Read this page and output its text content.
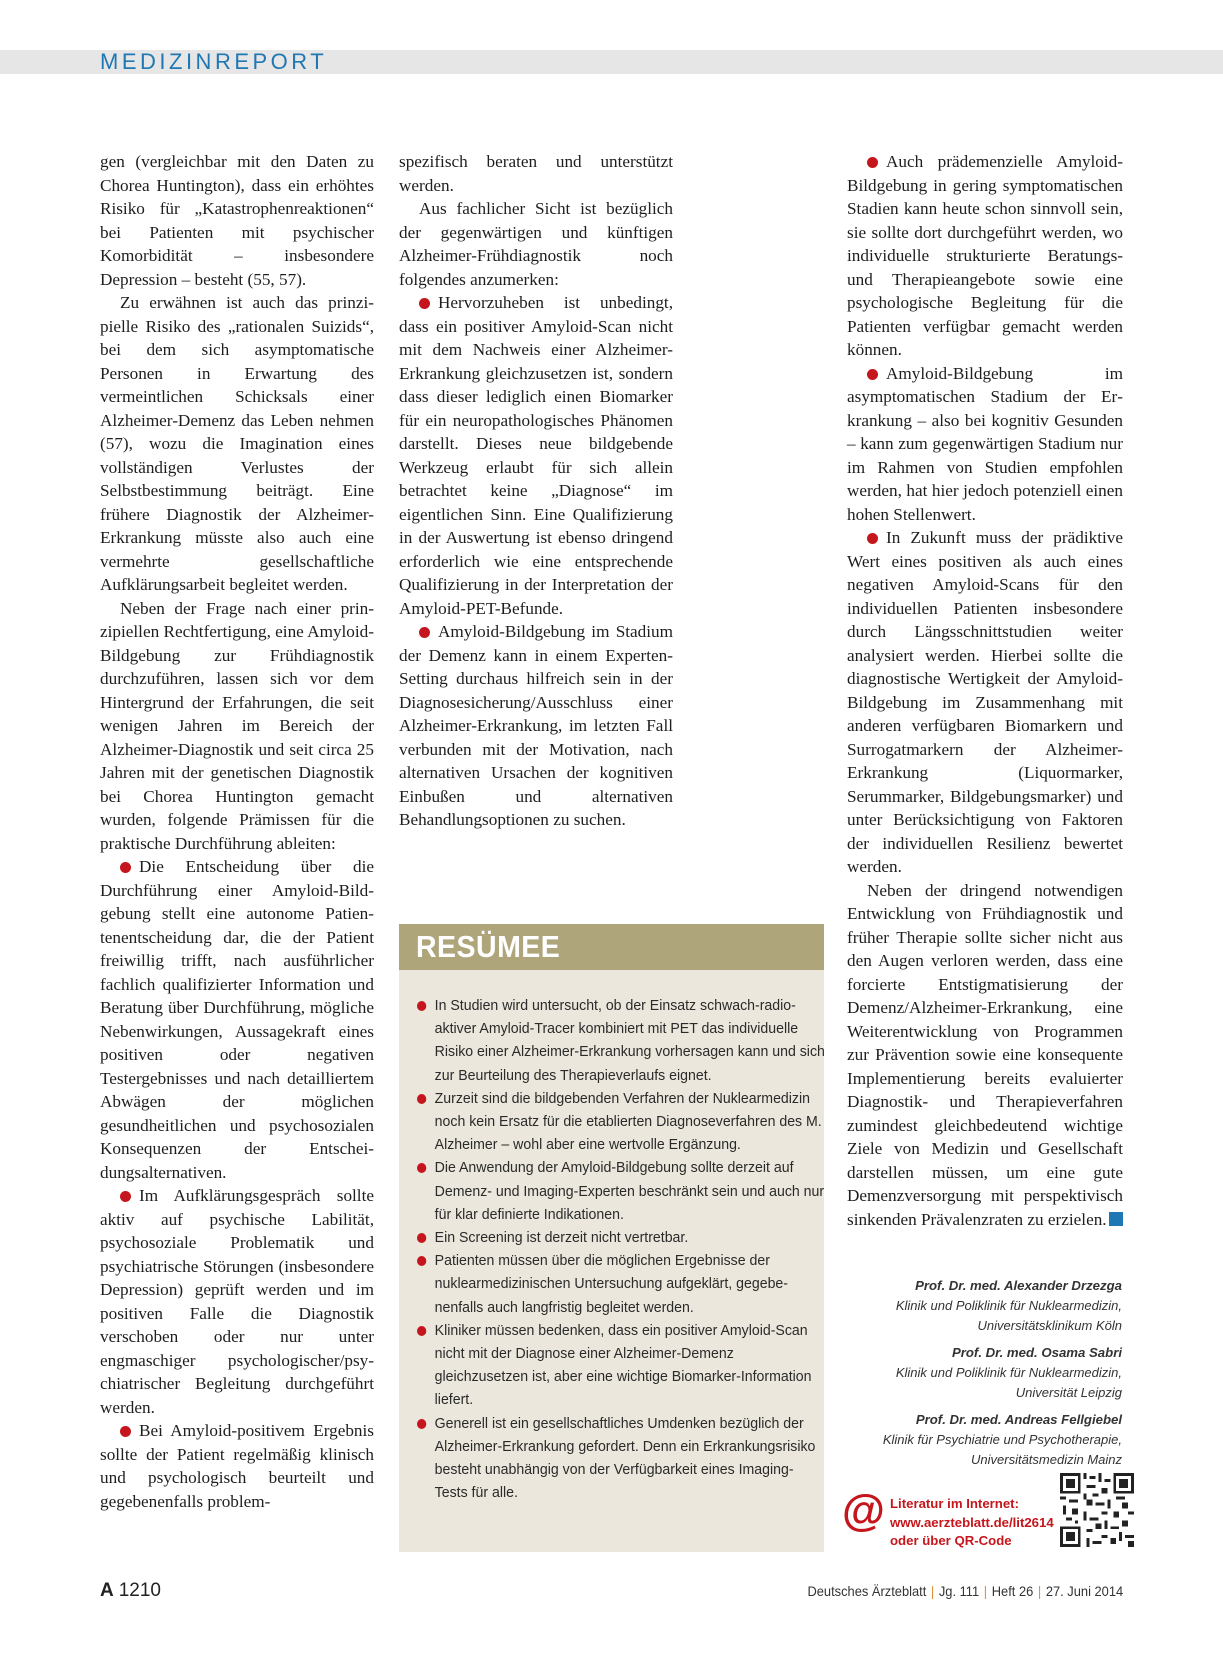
MEDIZINREPORT

gen (vergleichbar mit den Daten zu Chorea Huntington), dass ein erhöhtes Risiko für „Katastrophenreaktionen“ bei Patienten mit psychischer Komorbidität – insbesondere Depression – besteht (55, 57).

Zu erwähnen ist auch das prinzipielle Risiko des „rationalen Suizids“, bei dem sich asymptomatische Personen in Erwartung des vermeintlichen Schicksals einer Alzheimer-Demenz das Leben nehmen (57), wozu die Imagination eines vollständigen Verlustes der Selbstbestimmung beiträgt. Eine frühere Diagnostik der Alzheimer-Erkrankung müsste also auch eine vermehrte gesellschaftliche Aufklärungsarbeit begleitet werden.

Neben der Frage nach einer prinzipiellen Rechtfertigung, eine Amyloid-Bildgebung zur Frühdiagnostik durchzuführen, lassen sich vor dem Hintergrund der Erfahrungen, die seit wenigen Jahren im Bereich der Alzheimer-Diagnostik und seit circa 25 Jahren mit der genetischen Diagnostik bei Chorea Huntington gemacht wurden, folgende Prämissen für die praktische Durchführung ableiten:

Die Entscheidung über die Durchführung einer Amyloid-Bildgebung stellt eine autonome Patientenentscheidung dar, die der Patient freiwillig trifft, nach ausführlicher fachlich qualifizierter Information und Beratung über Durchführung, mögliche Nebenwirkungen, Aussagekraft eines positiven oder negativen Testergebnisses und nach detailliertem Abwägen der möglichen gesundheitlichen und psychosozialen Konsequenzen der Entscheidungsalternativen.

Im Aufklärungsgespräch sollte aktiv auf psychische Labilität, psychosoziale Problematik und psychiatrische Störungen (insbesondere Depression) geprüft werden und im positiven Falle die Diagnostik verschoben oder nur unter engmaschiger psychologischer/psychiatrischer Begleitung durchgeführt werden.

Bei Amyloid-positivem Ergebnis sollte der Patient regelmäßig klinisch und psychologisch beurteilt und gegebenenfalls problem-

spezifisch beraten und unterstützt werden.

Aus fachlicher Sicht ist bezüglich der gegenwärtigen und künftigen Alzheimer-Frühdiagnostik noch folgendes anzumerken:

Hervorzuheben ist unbedingt, dass ein positiver Amyloid-Scan nicht mit dem Nachweis einer Alzheimer-Erkrankung gleichzusetzen ist, sondern dass dieser lediglich einen Biomarker für ein neuropathologisches Phänomen darstellt. Dieses neue bildgebende Werkzeug erlaubt für sich allein betrachtet keine „Diagnose“ im eigentlichen Sinn. Eine Qualifizierung in der Auswertung ist ebenso dringend erforderlich wie eine entsprechende Qualifizierung in der Interpretation der Amyloid-PET-Befunde.

Amyloid-Bildgebung im Stadium der Demenz kann in einem Experten-Setting durchaus hilfreich sein in der Diagnosesicherung/Ausschluss einer Alzheimer-Erkrankung, im letzten Fall verbunden mit der Motivation, nach alternativen Ursachen der kognitiven Einbußen und alternativen Behandlungsoptionen zu suchen.

RESÜMEE
In Studien wird untersucht, ob der Einsatz schwach-radioaktiver Amyloid-Tracer kombiniert mit PET das individuelle Risiko einer Alzheimer-Erkrankung vorhersagen kann und sich zur Beurteilung des Therapieverlaufs eignet.
Zurzeit sind die bildgebenden Verfahren der Nuklearmedizin noch kein Ersatz für die etablierten Diagnoseverfahren des M. Alzheimer – wohl aber eine wertvolle Ergänzung.
Die Anwendung der Amyloid-Bildgebung sollte derzeit auf Demenz- und Imaging-Experten beschränkt sein und auch nur für klar definierte Indikationen.
Ein Screening ist derzeit nicht vertretbar.
Patienten müssen über die möglichen Ergebnisse der nuklearmedizinischen Untersuchung aufgeklärt, gegebenenfalls auch langfristig begleitet werden.
Kliniker müssen bedenken, dass ein positiver Amyloid-Scan nicht mit der Diagnose einer Alzheimer-Demenz gleichzusetzen ist, aber eine wichtige Biomarker-Information liefert.
Generell ist ein gesellschaftliches Umdenken bezüglich der Alzheimer-Erkrankung gefordert. Denn ein Erkrankungsrisiko besteht unabhängig von der Verfügbarkeit eines Imaging-Tests für alle.

Auch prädemenzielle Amyloid-Bildgebung in gering symptomatischen Stadien kann heute schon sinnvoll sein, sie sollte dort durchgeführt werden, wo individuelle strukturierte Beratungs- und Therapieangebote sowie eine psychologische Begleitung für die Patienten verfügbar gemacht werden können.

Amyloid-Bildgebung im asymptomatischen Stadium der Erkrankung – also bei kognitiv Gesunden – kann zum gegenwärtigen Stadium nur im Rahmen von Studien empfohlen werden, hat hier jedoch potenziell einen hohen Stellenwert.

In Zukunft muss der prädiktive Wert eines positiven als auch eines negativen Amyloid-Scans für den individuellen Patienten insbesondere durch Längsschnittstudien weiter analysiert werden. Hierbei sollte die diagnostische Wertigkeit der Amyloid-Bildgebung im Zusammenhang mit anderen verfügbaren Biomarkern und Surrogatmarkern der Alzheimer-Erkrankung (Liquormarker, Serummarker, Bildgebungsmarker) und unter Berücksichtigung von Faktoren der individuellen Resilienz bewertet werden.

Neben der dringend notwendigen Entwicklung von Frühdiagnostik und früher Therapie sollte sicher nicht aus den Augen verloren werden, dass eine forcierte Entstigmatisierung der Demenz/Alzheimer-Erkrankung, eine Weiterentwicklung von Programmen zur Prävention sowie eine konsequente Implementierung bereits evaluierter Diagnostik- und Therapieverfahren zumindest gleichbedeutend wichtige Ziele von Medizin und Gesellschaft darstellen müssen, um eine gute Demenzversorgung mit perspektivisch sinkenden Prävalenzraten zu erzielen.

Prof. Dr. med. Alexander Drzezga
Klinik und Poliklinik für Nuklearmedizin,
Universitätsklinikum Köln
Prof. Dr. med. Osama Sabri
Klinik und Poliklinik für Nuklearmedizin,
Universität Leipzig
Prof. Dr. med. Andreas Fellgiebel
Klinik für Psychiatrie und Psychotherapie,
Universitätsmedizin Mainz
@ Literatur im Internet:
www.aerzteblatt.de/lit2614
oder über QR-Code
A 1210	Deutsches Ärzteblatt | Jg. 111 | Heft 26 | 27. Juni 2014
